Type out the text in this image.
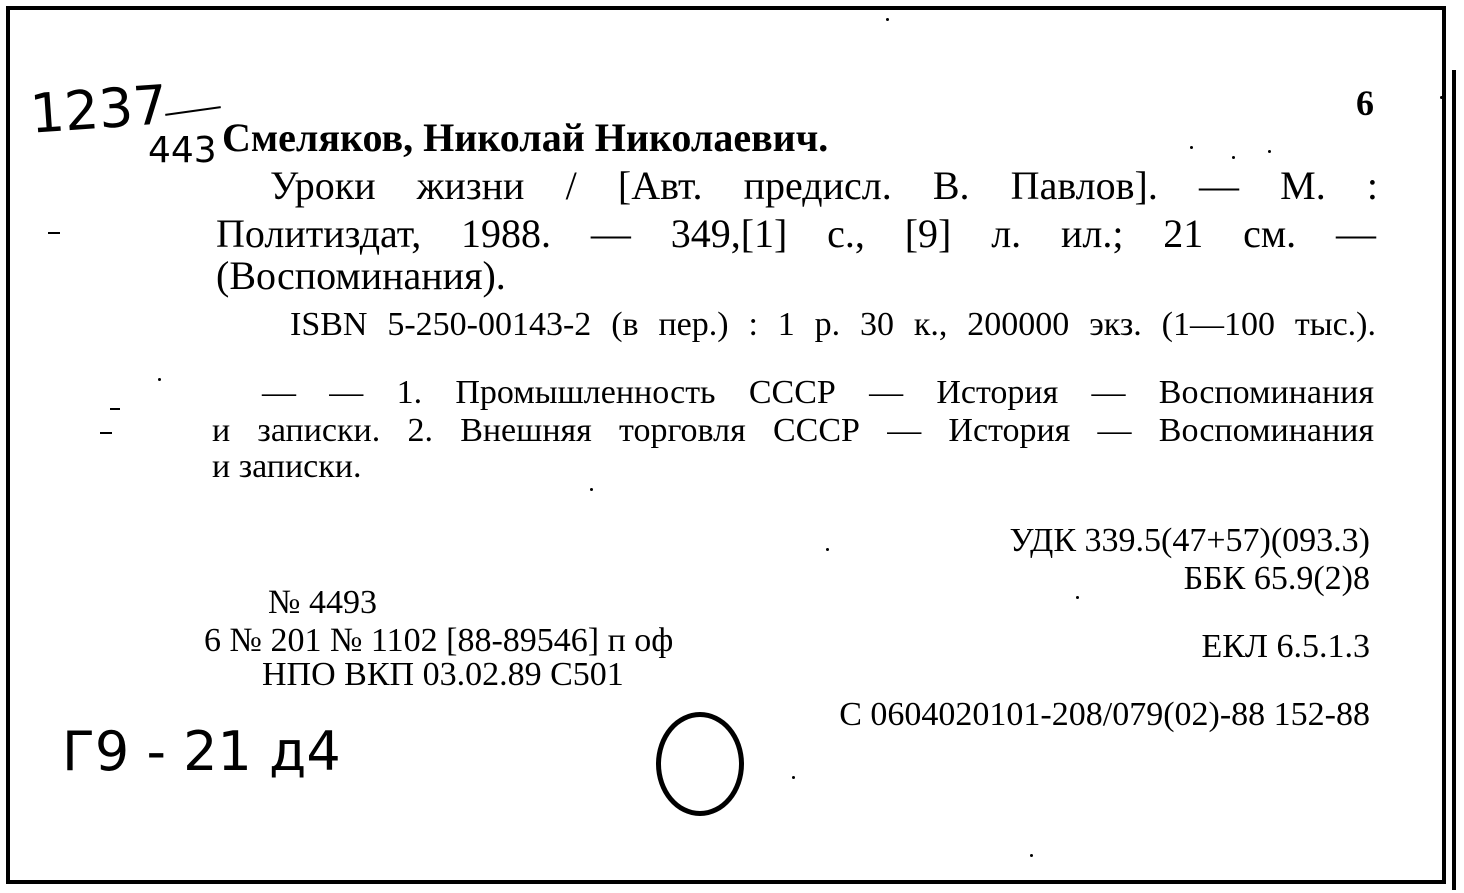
1237
443
Г9 - 21 д4
6
Смеляков, Николай Николаевич.
Уроки жизни / [Авт. предисл. В. Павлов]. — М. :
Политиздат, 1988. — 349,[1] с., [9] л. ил.; 21 см. —
(Воспоминания).
ISBN 5-250-00143-2 (в пер.) : 1 р. 30 к., 200000 экз. (1—100 тыс.).
— — 1. Промышленность СССР — История — Воспоминания
и записки. 2. Внешняя торговля СССР — История — Воспоминания
и записки.
УДК 339.5(47+57)(093.3)
ББК 65.9(2)8
№ 4493
6 № 201 № 1102 [88-89546] п оф
НПО ВКП 03.02.89 С501
ЕКЛ 6.5.1.3
С 0604020101-208/079(02)-88 152-88
